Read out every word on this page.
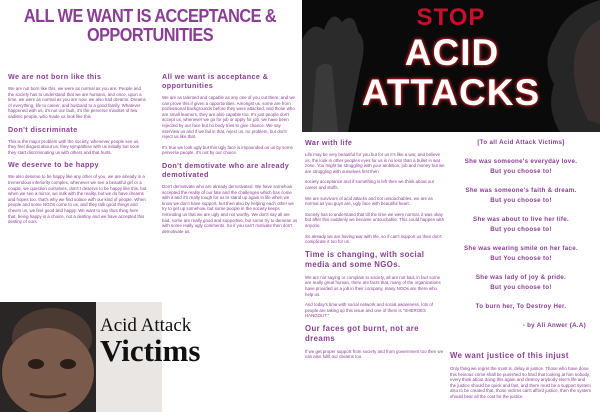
ALL WE WANT IS ACCEPTANCE &
OPPORTUNITIES
We are not born like this
We are not born like this, we were as normal as you are. People and the society has to understand that we are humans, and once, upon a time, we were as normal as you are now, we also had dreams. Dreams of everything, life to career, and husband to a good family. Whatever happened with us, it's not our fault, it's the perverse mindset of few sadistic people, who made us look like this.
Don't discriminate
This is the major problem with the society, whenever people see us, they feel disgust about us, they sympathise with us initially but soon they start discriminating us with others and that hurts.
We deserve to be happy
We also deserve to be happy like any other of you, we are already in a tremendous inferiority complex, whenever we see a beautiful girl or a couple, we question ourselves, don't I deserve to be happy like this, but when we see a mirror, we sulk with the reality, but we do have dreams and hopes too, that's why we find solace with our kind of people. When people and some NGOs come to us, and they talk good things and cheers us, we feel good and happy. We want to say thus thing here that, being happy is a choice, not a destiny and we have accepted this destiny of ours.
All we want is acceptance & opportunities
We are as talented and capable as any one of you out there, and we can prove this if given a opportunities. Amongst us, some are from professional backgrounds before they were attacked, and those who are small learners, they are also capable too. It's just people don't accept us, whenever we go for job or apply for job, we have been rejected by our face but no body tries to give chance. We say interview us and if we fail in that, reject us, no problem, but don't reject us like that.
It's true we look ugly but this ugly face is impounded on us by some perverse people, it's not by our choice.
Don't demotivate who are already demotivated
Don't demotivate who are already demotivated. We have somehow accepted the reality of our fate and the challenges which has come with it and it's really tough for us to stand up again in life when we know we don't have support, but then also by helping each other we try to get up somehow, but some people in the society keeps reminding us that we are ugly and not worthy. We don't say all are bad, some are really good and supportive, but some try to demean us with some really ugly comments. So if you can't motivate then don't demotivate us.
STOP
ACID
ATTACKS
War with life
Life may be very beautiful for you but for us it's like a war, and believe us, the look in other peoples eyes for us is no less than a bullet in war zone. You might be struggling with your ambition, job and money but we are struggling with ourselves first then
society acceptance and if something is left then we think about our career and stuffs.
We are survivors of acid attacks and not unsouchables, we are as normal as you guys are, ugly face with beautiful heart.
Society has to understand that till the time we were normal, it was okay but after this suddenly we became untouchable. This could happen with anyone.
So already we are having war with life, so if can't support us then don't complicate it too for us.
Time is changing, with social media and some NGOs.
We are not saying or complain to society, all are not bad, in fact some are really great human, there are facts that, many of the organizations have provided us a job in their company, many NGOs are there who help us.
And today's time with social network and social awareness, lots of people are taking up this issue and one of them is "SHEROES HANGOUT."
Our faces got burnt, not are dreams
If we get proper support from society and from government too then we can also fulfil our dreams too.
[To all Acid Attack Victims]
She was someone's everyday love.
But you choose to!
She was someone's faith & dream.
But you choose to!
She was about to live her life.
But you choose to!
She was wearing smile on her face.
But You choose to!
She was lady of joy & pride.
But you choose to!
To burn her, To Destroy Her.
- by Ali Anwer (A.A)
We want justice of this injust
Only thing we regret the most is, delay in justice. Those who have done this heinous crime shall be punished so hard that looking at him nobody, every think about doing this again and destroy anybody else's life and the justice should be quick and fast, and there must be a support system also to be created that, those victims can't afford justice, then the system should bear all the cost for the justice.
Acid Attack
Victims
